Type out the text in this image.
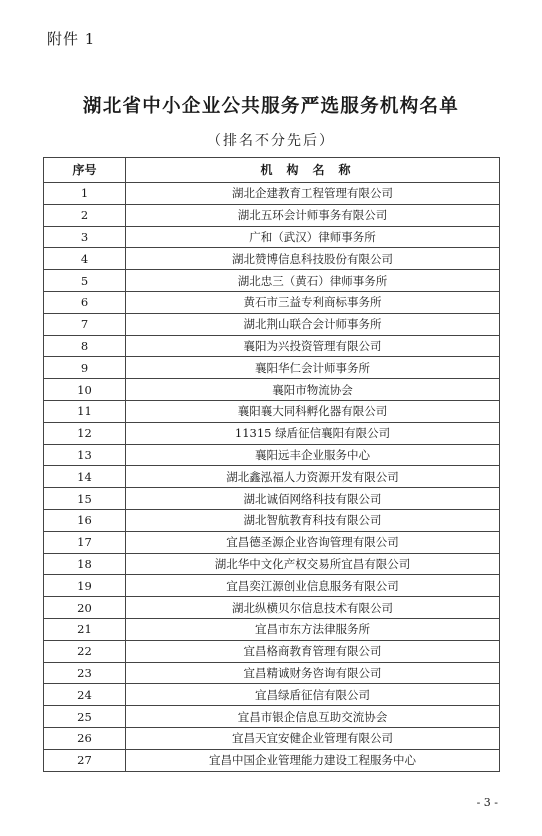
附件 1
湖北省中小企业公共服务严选服务机构名单
（排名不分先后）
序号	机构名称
1	湖北企建教育工程管理有限公司
2	湖北五环会计师事务有限公司
3	广和（武汉）律师事务所
4	湖北赞博信息科技股份有限公司
5	湖北忠三（黄石）律师事务所
6	黄石市三益专利商标事务所
7	湖北荆山联合会计师事务所
8	襄阳为兴投资管理有限公司
9	襄阳华仁会计师事务所
10	襄阳市物流协会
11	襄阳襄大同科孵化器有限公司
12	11315 绿盾征信襄阳有限公司
13	襄阳远丰企业服务中心
14	湖北鑫泓福人力资源开发有限公司
15	湖北诚佰网络科技有限公司
16	湖北智航教育科技有限公司
17	宜昌德圣源企业咨询管理有限公司
18	湖北华中文化产权交易所宜昌有限公司
19	宜昌奕江源创业信息服务有限公司
20	湖北纵横贝尔信息技术有限公司
21	宜昌市东方法律服务所
22	宜昌格商教育管理有限公司
23	宜昌精诚财务咨询有限公司
24	宜昌绿盾征信有限公司
25	宜昌市银企信息互助交流协会
26	宜昌天宜安健企业管理有限公司
27	宜昌中国企业管理能力建设工程服务中心
- 3 -
